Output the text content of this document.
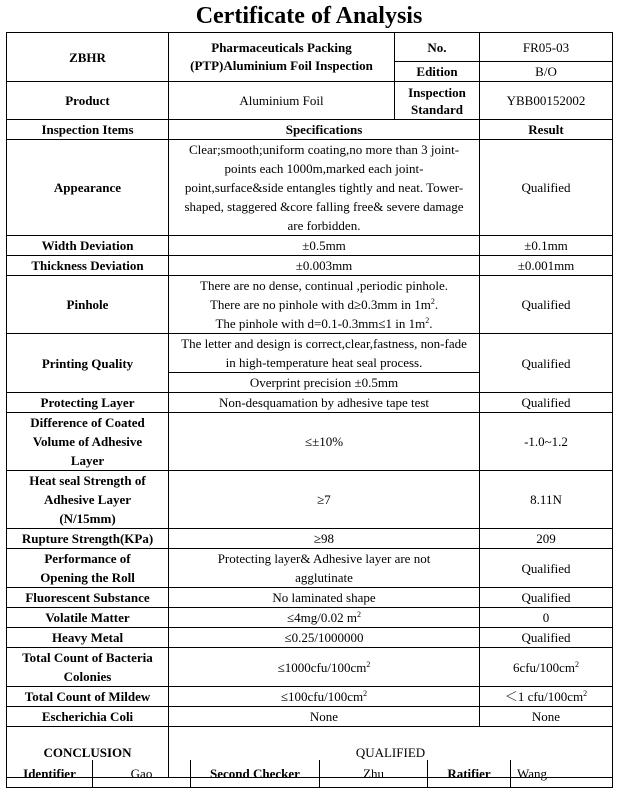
Certificate of Analysis
ZBHR	Pharmaceuticals Packing (PTP)Aluminium Foil Inspection	No.	FR05-03
		Edition	B/O
Product	Aluminium Foil	Inspection Standard	YBB00152002
Inspection Items	Specifications		Result
Appearance	Clear;smooth;uniform coating,no more than 3 joint-points each 1000m,marked each joint-point,surface&side entangles tightly and neat. Tower-shaped, staggered &core falling free& severe damage are forbidden.		Qualified
Width Deviation	±0.5mm		±0.1mm
Thickness Deviation	±0.003mm		±0.001mm
Pinhole	There are no dense, continual ,periodic pinhole.
There are no pinhole with d≥0.3mm in $1m^2$.
The pinhole with d=0.1-0.3mm≤1 in $1m^2$.		Qualified
Printing Quality	The letter and design is correct,clear,fastness, non-fade in high-temperature heat seal process.		Qualified
	Overprint precision ±0.5mm		
Protecting Layer	Non-desquamation by adhesive tape test		Qualified
Difference of Coated Volume of Adhesive Layer	≤±10%		-1.0~1.2
Heat seal Strength of Adhesive Layer (N/15mm)	≥7		8.11N
Rupture Strength(KPa)	≥98		209
Performance of Opening the Roll	Protecting layer& Adhesive layer are not agglutinate		Qualified
Fluorescent Substance	No laminated shape		Qualified
Volatile Matter	≤4mg/0.02 $m^2$		0
Heavy Metal	≤0.25/1000000		Qualified
Total Count of Bacteria Colonies	$\le 1000cfu/100cm^2$		$6cfu/100cm^2$
Total Count of Mildew	$\le 100cfu/100cm^2$		＜1 cfu/$100cm^2$
Escherichia Coli	None		None
CONCLUSION	QUALIFIED		
Identifier	Gao	Second Checker	Zhu	Ratifier	Wang
